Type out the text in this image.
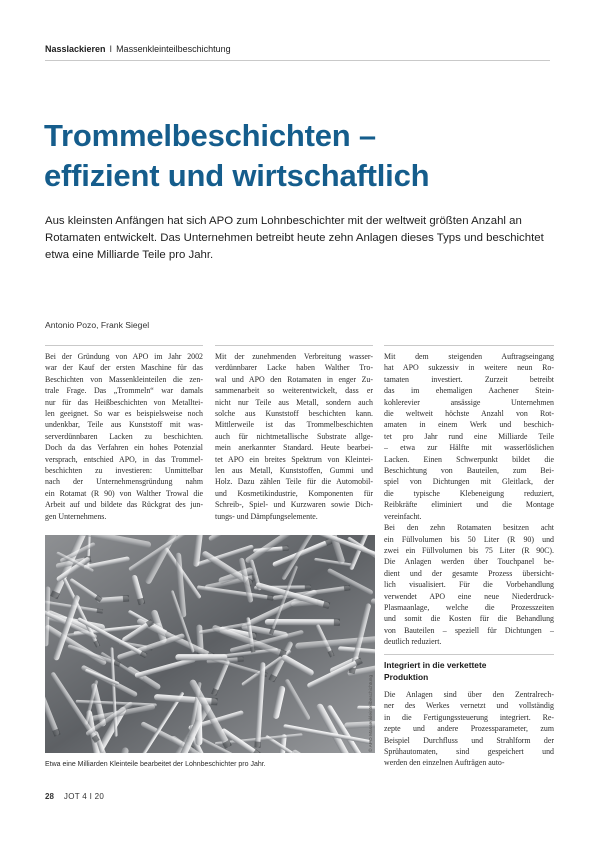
Nasslackieren I Massenkleinteilbeschichtung
Trommelbeschichten –
effizient und wirtschaftlich
Aus kleinsten Anfängen hat sich APO zum Lohnbeschichter mit der weltweit größten Anzahl an
Rotamaten entwickelt. Das Unternehmen betreibt heute zehn Anlagen dieses Typs und beschichtet
etwa eine Milliarde Teile pro Jahr.
Antonio Pozo, Frank Siegel
Bei der Gründung von APO im Jahr 2002
war der Kauf der ersten Maschine für das
Beschichten von Massenkleinteilen die zen-
trale Frage. Das „Trommeln“ war damals
nur für das Heißbeschichten von Metalltei-
len geeignet. So war es beispielsweise noch
undenkbar, Teile aus Kunststoff mit was-
serverdünnbaren Lacken zu beschichten.
Doch da das Verfahren ein hohes Potenzial
versprach, entschied APO, in das Trommel-
beschichten zu investieren: Unmittelbar
nach der Unternehmensgründung nahm
ein Rotamat (R 90) von Walther Trowal die
Arbeit auf und bildete das Rückgrat des jun-
gen Unternehmens.
Mit der zunehmenden Verbreitung wasser-
verdünnbarer Lacke haben Walther Tro-
wal und APO den Rotamaten in enger Zu-
sammenarbeit so weiterentwickelt, dass er
nicht nur Teile aus Metall, sondern auch
solche aus Kunststoff beschichten kann.
Mittlerweile ist das Trommelbeschichten
auch für nichtmetallische Substrate allge-
mein anerkannter Standard. Heute bearbei-
tet APO ein breites Spektrum von Kleintei-
len aus Metall, Kunststoffen, Gummi und
Holz. Dazu zählen Teile für die Automobil-
und Kosmetikindustrie, Komponenten für
Schreib-, Spiel- und Kurzwaren sowie Dich-
tungs- und Dämpfungselemente.
Mit dem steigenden Auftragseingang
hat APO sukzessiv in weitere neun Ro-
tamaten investiert. Zurzeit betreibt
das im ehemaligen Aachener Stein-
kohlerevier ansässige Unternehmen
die weltweit höchste Anzahl von Rot-
amaten in einem Werk und beschich-
tet pro Jahr rund eine Milliarde Teile
– etwa zur Hälfte mit wasserlöslichen
Lacken. Einen Schwerpunkt bildet die
Beschichtung von Bauteilen, zum Bei-
spiel von Dichtungen mit Gleitlack, der
die typische Klebeneigung reduziert,
Reibkräfte eliminiert und die Montage
vereinfacht.
Bei den zehn Rotamaten besitzen acht
ein Füllvolumen bis 50 Liter (R 90) und
zwei ein Füllvolumen bis 75 Liter (R 90C).
Die Anlagen werden über Touchpanel be-
dient und der gesamte Prozess übersicht-
lich visualisiert. Für die Vorbehandlung
verwendet APO eine neue Niederdruck-
Plasmaanlage, welche die Prozesszeiten
und somit die Kosten für die Behandlung
von Bauteilen – speziell für Dichtungen –
deutlich reduziert.
Integriert in die verkettete
Produktion
Die Anlagen sind über den Zentralrech-
ner des Werkes vernetzt und vollständig
in die Fertigungssteuerung integriert. Re-
zepte und andere Prozessparameter, zum
Beispiel Durchfluss und Strahlform der
Sprühautomaten, sind gespeichert und
werden den einzelnen Aufträgen auto-
© APO Massenkleinteilbeschichtung
Etwa eine Milliarden Kleinteile bearbeitet der Lohnbeschichter pro Jahr.
28 JOT 4 I 20
